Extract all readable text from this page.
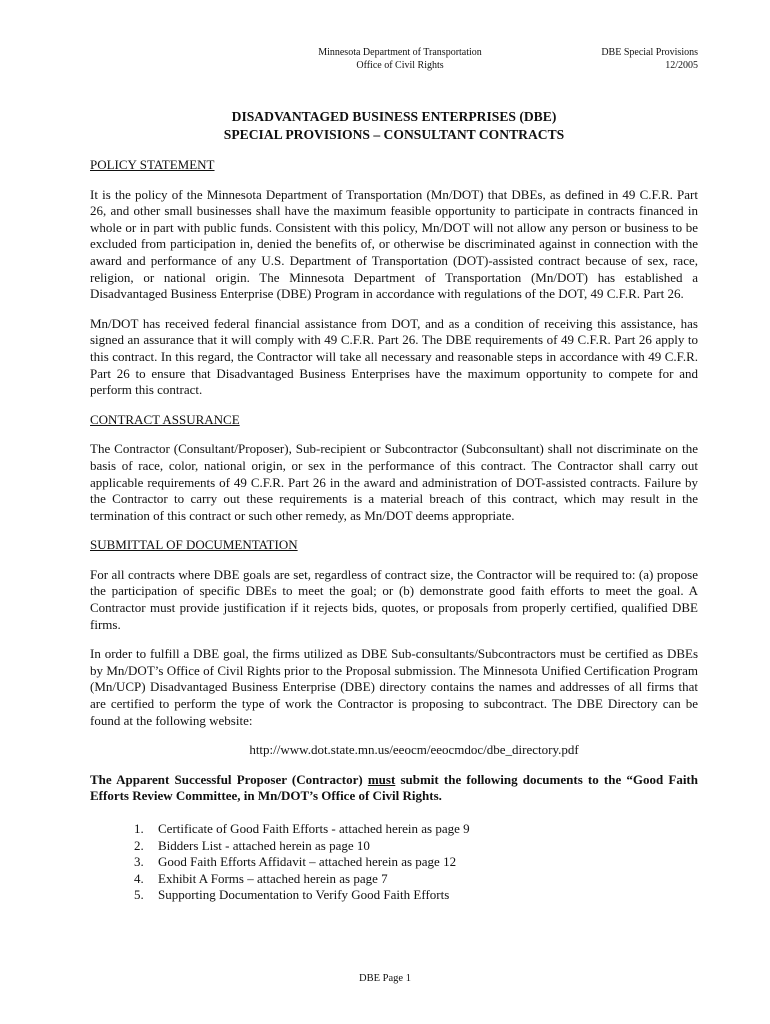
Minnesota Department of Transportation
Office of Civil Rights
DBE Special Provisions
12/2005
DISADVANTAGED BUSINESS ENTERPRISES (DBE)
SPECIAL PROVISIONS – CONSULTANT CONTRACTS
POLICY STATEMENT

It is the policy of the Minnesota Department of Transportation (Mn/DOT) that DBEs, as defined in 49 C.F.R. Part 26, and other small businesses shall have the maximum feasible opportunity to participate in contracts financed in whole or in part with public funds. Consistent with this policy, Mn/DOT will not allow any person or business to be excluded from participation in, denied the benefits of, or otherwise be discriminated against in connection with the award and performance of any U.S. Department of Transportation (DOT)-assisted contract because of sex, race, religion, or national origin. The Minnesota Department of Transportation (Mn/DOT) has established a Disadvantaged Business Enterprise (DBE) Program in accordance with regulations of the DOT, 49 C.F.R. Part 26.

Mn/DOT has received federal financial assistance from DOT, and as a condition of receiving this assistance, has signed an assurance that it will comply with 49 C.F.R. Part 26. The DBE requirements of 49 C.F.R. Part 26 apply to this contract. In this regard, the Contractor will take all necessary and reasonable steps in accordance with 49 C.F.R. Part 26 to ensure that Disadvantaged Business Enterprises have the maximum opportunity to compete for and perform this contract.

CONTRACT ASSURANCE

The Contractor (Consultant/Proposer), Sub-recipient or Subcontractor (Subconsultant) shall not discriminate on the basis of race, color, national origin, or sex in the performance of this contract. The Contractor shall carry out applicable requirements of 49 C.F.R. Part 26 in the award and administration of DOT-assisted contracts. Failure by the Contractor to carry out these requirements is a material breach of this contract, which may result in the termination of this contract or such other remedy, as Mn/DOT deems appropriate.

SUBMITTAL OF DOCUMENTATION

For all contracts where DBE goals are set, regardless of contract size, the Contractor will be required to: (a) propose the participation of specific DBEs to meet the goal; or (b) demonstrate good faith efforts to meet the goal. A Contractor must provide justification if it rejects bids, quotes, or proposals from properly certified, qualified DBE firms.

In order to fulfill a DBE goal, the firms utilized as DBE Sub-consultants/Subcontractors must be certified as DBEs by Mn/DOT’s Office of Civil Rights prior to the Proposal submission. The Minnesota Unified Certification Program (Mn/UCP) Disadvantaged Business Enterprise (DBE) directory contains the names and addresses of all firms that are certified to perform the type of work the Contractor is proposing to subcontract. The DBE Directory can be found at the following website:

http://www.dot.state.mn.us/eeocm/eeocmdoc/dbe_directory.pdf

The Apparent Successful Proposer (Contractor) must submit the following documents to the “Good Faith Efforts Review Committee, in Mn/DOT’s Office of Civil Rights.

1.	Certificate of Good Faith Efforts - attached herein as page 9
2.	Bidders List - attached herein as page 10
3.	Good Faith Efforts Affidavit – attached herein as page 12
4.	Exhibit A Forms – attached herein as page 7
5.	Supporting Documentation to Verify Good Faith Efforts
DBE Page 1
